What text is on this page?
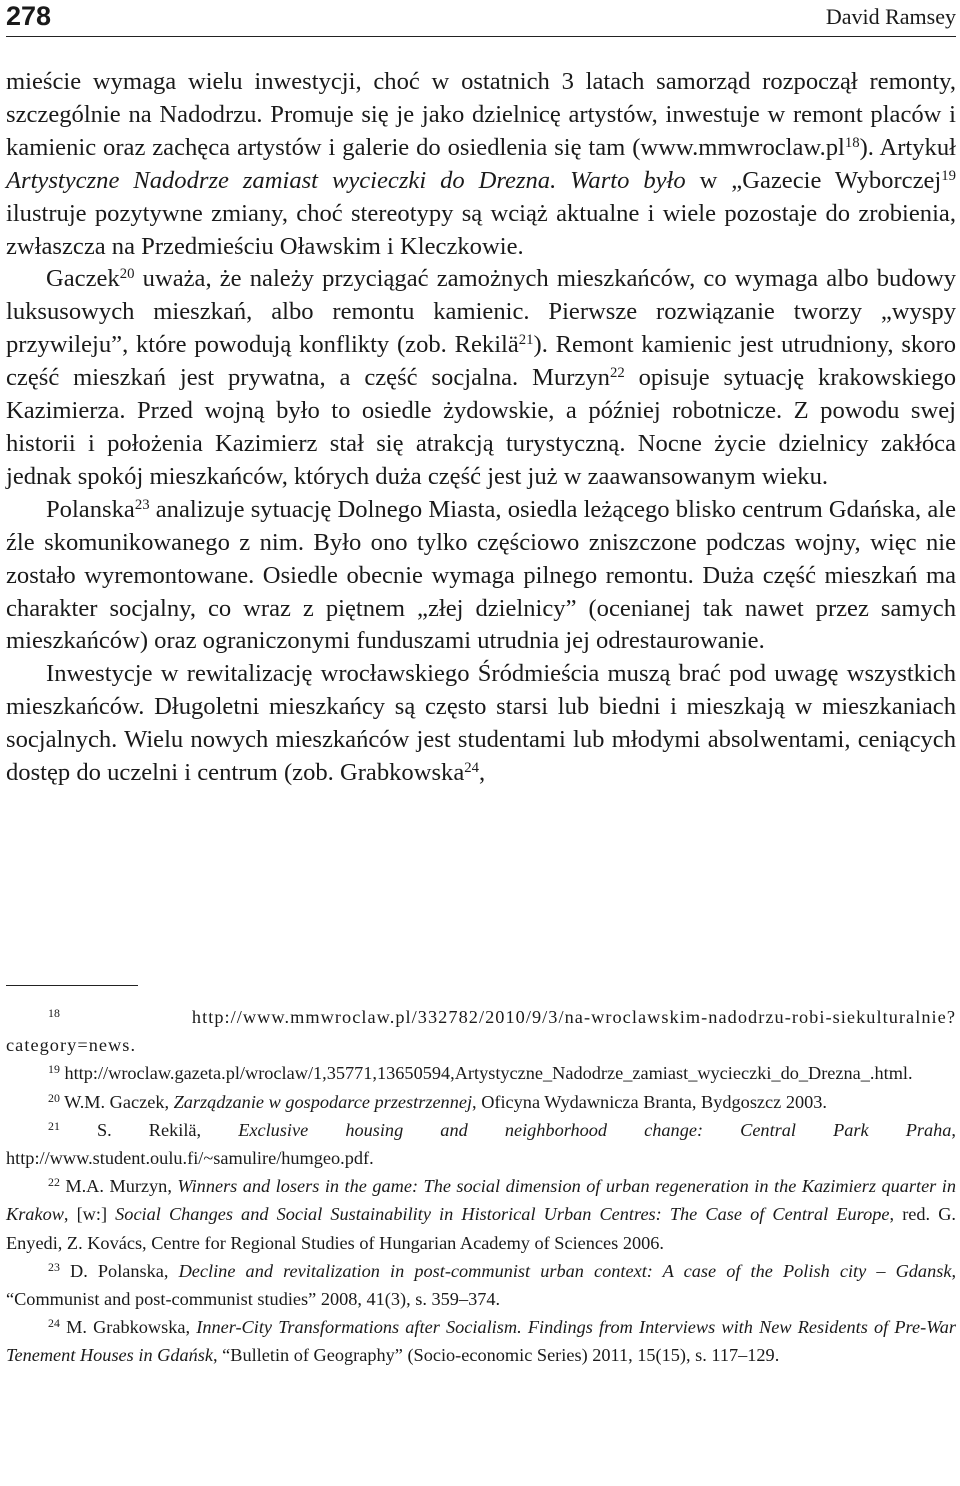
278	David Ramsey

mieście wymaga wielu inwestycji, choć w ostatnich 3 latach samorząd rozpoczął remonty, szczególnie na Nadodrzu. Promuje się je jako dzielnicę artystów, inwestuje w remont placów i kamienic oraz zachęca artystów i galerie do osiedlenia się tam $(www.mmwroclaw.pl^{18})$. Artykuł Artystyczne Nadodrze zamiast wycieczki do Drezna. Warto było w „Gazecie Wyborczej$^{19}$ ilustruje pozytywne zmiany, choć stereotypy są wciąż aktualne i wiele pozostaje do zrobienia, zwłaszcza na Przedmieściu Oławskim i Kleczkowie.

Gaczek$^{20}$ uważa, że należy przyciągać zamożnych mieszkańców, co wymaga albo budowy luksusowych mieszkań, albo remontu kamienic. Pierwsze rozwiązanie tworzy „wyspy przywileju”, które powodują konflikty (zob. Rekilä$^{21}$). Remont kamienic jest utrudniony, skoro część mieszkań jest prywatna, a część socjalna. Murzyn$^{22}$ opisuje sytuację krakowskiego Kazimierza. Przed wojną było to osiedle żydowskie, a później robotnicze. Z powodu swej historii i położenia Kazimierz stał się atrakcją turystyczną. Nocne życie dzielnicy zakłóca jednak spokój mieszkańców, których duża część jest już w zaawansowanym wieku.

Polanska$^{23}$ analizuje sytuację Dolnego Miasta, osiedla leżącego blisko centrum Gdańska, ale źle skomunikowanego z nim. Było ono tylko częściowo zniszczone podczas wojny, więc nie zostało wyremontowane. Osiedle obecnie wymaga pilnego remontu. Duża część mieszkań ma charakter socjalny, co wraz z piętnem „złej dzielnicy” (ocenianej tak nawet przez samych mieszkańców) oraz ograniczonymi funduszami utrudnia jej odrestaurowanie.

Inwestycje w rewitalizację wrocławskiego Śródmieścia muszą brać pod uwagę wszystkich mieszkańców. Długoletni mieszkańcy są często starsi lub biedni i mieszkają w mieszkaniach socjalnych. Wielu nowych mieszkańców jest studentami lub młodymi absolwentami, ceniących dostęp do uczelni i centrum (zob. Grabkowska$^{24}$,

$^{18}$	http://www.mmwroclaw.pl/332782/2010/9/3/na-wroclawskim-nadodrzu-robi-siekulturalnie?category=news.

$^{19}$ http://wroclaw.gazeta.pl/wroclaw/1,35771,13650594,Artystyczne_Nadodrze_zamiast_wycieczki_do_Drezna_.html.

$^{20}$ W.M. Gaczek, Zarządzanie w gospodarce przestrzennej, Oficyna Wydawnicza Branta, Bydgoszcz 2003.

$^{21}$ S. Rekilä, Exclusive housing and neighborhood change: Central Park Praha, http://www.student.oulu.fi/~samulire/humgeo.pdf.

$^{22}$ M.A. Murzyn, Winners and losers in the game: The social dimension of urban regeneration in the Kazimierz quarter in Krakow, [w:] Social Changes and Social Sustainability in Historical Urban Centres: The Case of Central Europe, red. G. Enyedi, Z. Kovács, Centre for Regional Studies of Hungarian Academy of Sciences 2006.

$^{23}$ D. Polanska, Decline and revitalization in post-communist urban context: A case of the Polish city – Gdansk, “Communist and post-communist studies” 2008, 41(3), s. 359–374.

$^{24}$ M. Grabkowska, Inner-City Transformations after Socialism. Findings from Interviews with New Residents of Pre-War Tenement Houses in Gdańsk, “Bulletin of Geography” (Socio-economic Series) 2011, 15(15), s. 117–129.
